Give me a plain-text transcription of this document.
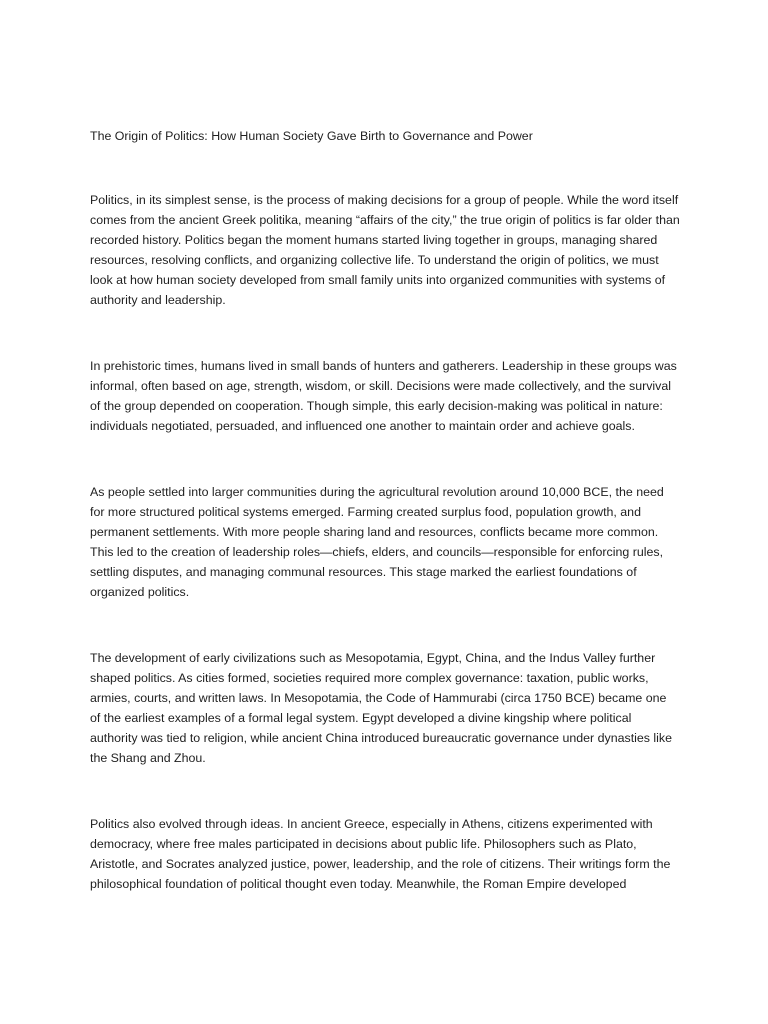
The Origin of Politics: How Human Society Gave Birth to Governance and Power

Politics, in its simplest sense, is the process of making decisions for a group of people. While the word itself comes from the ancient Greek politika, meaning “affairs of the city,” the true origin of politics is far older than recorded history. Politics began the moment humans started living together in groups, managing shared resources, resolving conflicts, and organizing collective life. To understand the origin of politics, we must look at how human society developed from small family units into organized communities with systems of authority and leadership.

In prehistoric times, humans lived in small bands of hunters and gatherers. Leadership in these groups was informal, often based on age, strength, wisdom, or skill. Decisions were made collectively, and the survival of the group depended on cooperation. Though simple, this early decision-making was political in nature: individuals negotiated, persuaded, and influenced one another to maintain order and achieve goals.

As people settled into larger communities during the agricultural revolution around 10,000 BCE, the need for more structured political systems emerged. Farming created surplus food, population growth, and permanent settlements. With more people sharing land and resources, conflicts became more common. This led to the creation of leadership roles—chiefs, elders, and councils—responsible for enforcing rules, settling disputes, and managing communal resources. This stage marked the earliest foundations of organized politics.

The development of early civilizations such as Mesopotamia, Egypt, China, and the Indus Valley further shaped politics. As cities formed, societies required more complex governance: taxation, public works, armies, courts, and written laws. In Mesopotamia, the Code of Hammurabi (circa 1750 BCE) became one of the earliest examples of a formal legal system. Egypt developed a divine kingship where political authority was tied to religion, while ancient China introduced bureaucratic governance under dynasties like the Shang and Zhou.

Politics also evolved through ideas. In ancient Greece, especially in Athens, citizens experimented with democracy, where free males participated in decisions about public life. Philosophers such as Plato, Aristotle, and Socrates analyzed justice, power, leadership, and the role of citizens. Their writings form the philosophical foundation of political thought even today. Meanwhile, the Roman Empire developed
